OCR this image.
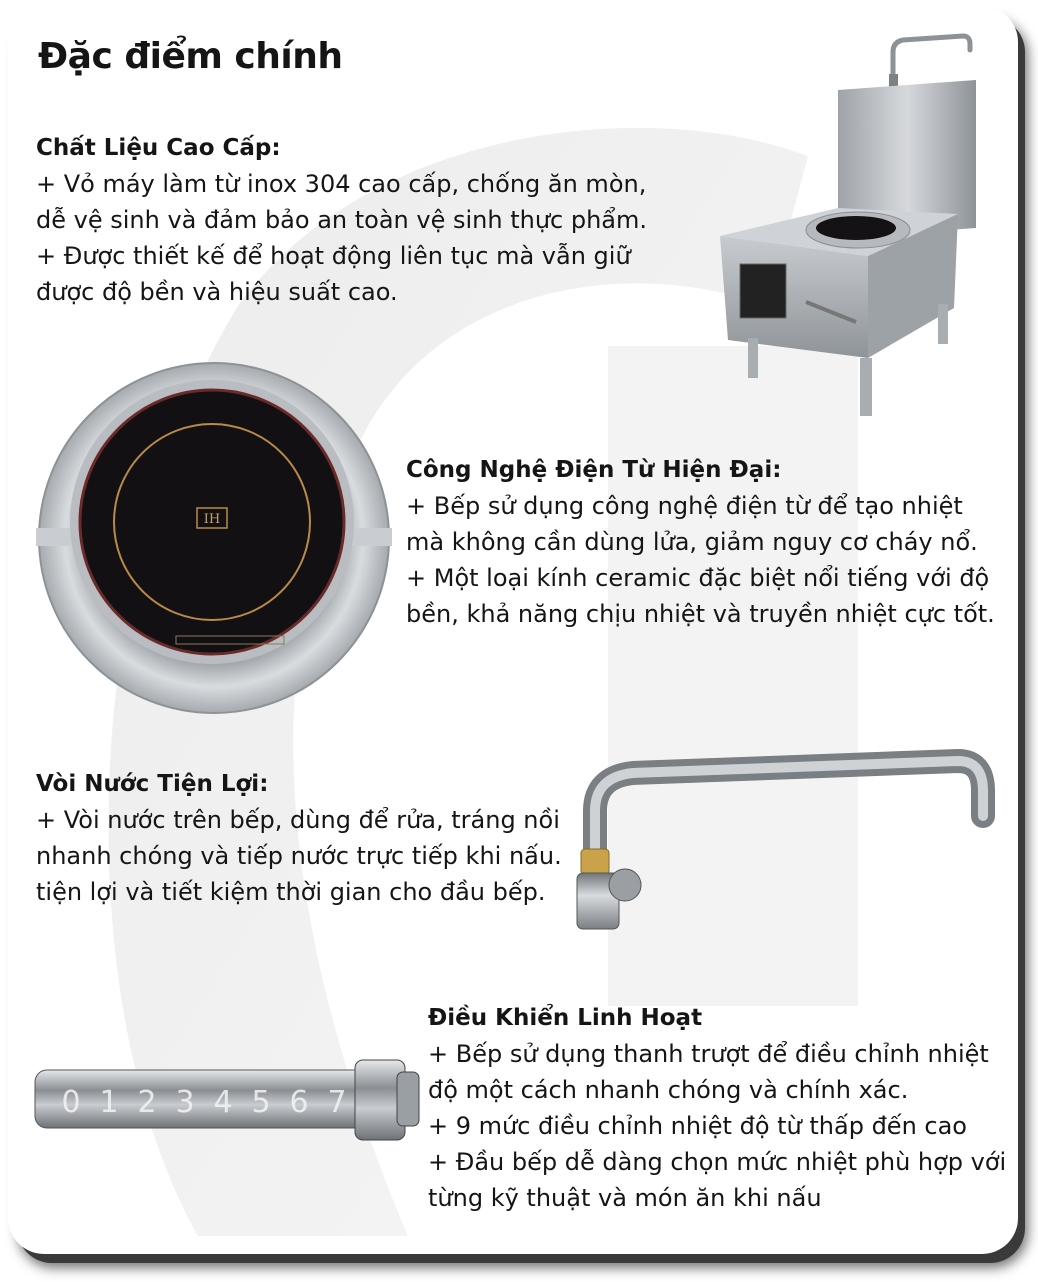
Đặc điểm chính
Chất Liệu Cao Cấp:

+ Vỏ máy làm từ inox 304 cao cấp, chống ăn mòn,

dễ vệ sinh và đảm bảo an toàn vệ sinh thực phẩm.

+ Được thiết kế để hoạt động liên tục mà vẫn giữ

được độ bền và hiệu suất cao.

Công Nghệ Điện Từ Hiện Đại:

+ Bếp sử dụng công nghệ điện từ để tạo nhiệt

mà không cần dùng lửa, giảm nguy cơ cháy nổ.

+ Một loại kính ceramic đặc biệt nổi tiếng với độ

bền, khả năng chịu nhiệt và truyền nhiệt cực tốt.

Vòi Nước Tiện Lợi:

+ Vòi nước trên bếp, dùng để rửa, tráng nồi

nhanh chóng và tiếp nước trực tiếp khi nấu.

tiện lợi và tiết kiệm thời gian cho đầu bếp.

Điều Khiển Linh Hoạt

+ Bếp sử dụng thanh trượt để điều chỉnh nhiệt

độ một cách nhanh chóng và chính xác.

+ 9 mức điều chỉnh nhiệt độ từ thấp đến cao

+ Đầu bếp dễ dàng chọn mức nhiệt phù hợp với

từng kỹ thuật và món ăn khi nấu

IH
0 1 2 3 4 5 6 7
